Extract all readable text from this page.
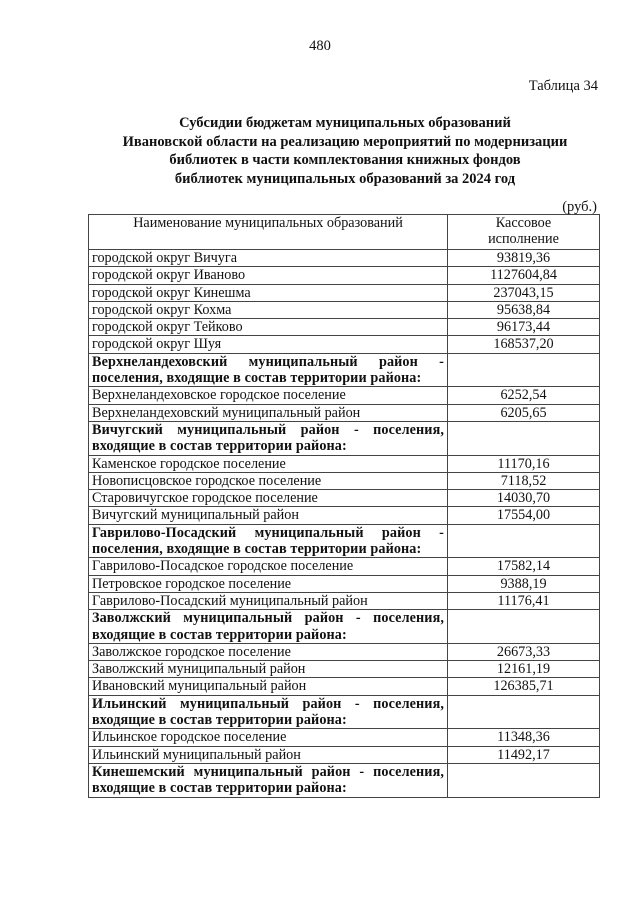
480
Таблица 34
Субсидии бюджетам муниципальных образований
Ивановской области на реализацию мероприятий по модернизации
библиотек в части комплектования книжных фондов
библиотек муниципальных образований за 2024 год
(руб.)
Наименование муниципальных образований	Кассовое
исполнение
городской округ Вичуга	93819,36
городской округ Иваново	1127604,84
городской округ Кинешма	237043,15
городской округ Кохма	95638,84
городской округ Тейково	96173,44
городской округ Шуя	168537,20

Верхнеландеховский муниципальный район -
поселения, входящие в состав территории района:	

Верхнеландеховское городское поселение	6252,54
Верхнеландеховский муниципальный район	6205,65

Вичугский муниципальный район - поселения,
входящие в состав территории района:	

Каменское городское поселение	11170,16
Новописцовское городское поселение	7118,52
Старовичугское городское поселение	14030,70
Вичугский муниципальный район	17554,00

Гаврилово-Посадский муниципальный район -
поселения, входящие в состав территории района:	

Гаврилово-Посадское городское поселение	17582,14
Петровское городское поселение	9388,19
Гаврилово-Посадский муниципальный район	11176,41

Заволжский муниципальный район - поселения,
входящие в состав территории района:	

Заволжское городское поселение	26673,33
Заволжский муниципальный район	12161,19
Ивановский муниципальный район	126385,71

Ильинский муниципальный район - поселения,
входящие в состав территории района:	

Ильинское городское поселение	11348,36
Ильинский муниципальный район	11492,17

Кинешемский муниципальный район - поселения,
входящие в состав территории района:	
